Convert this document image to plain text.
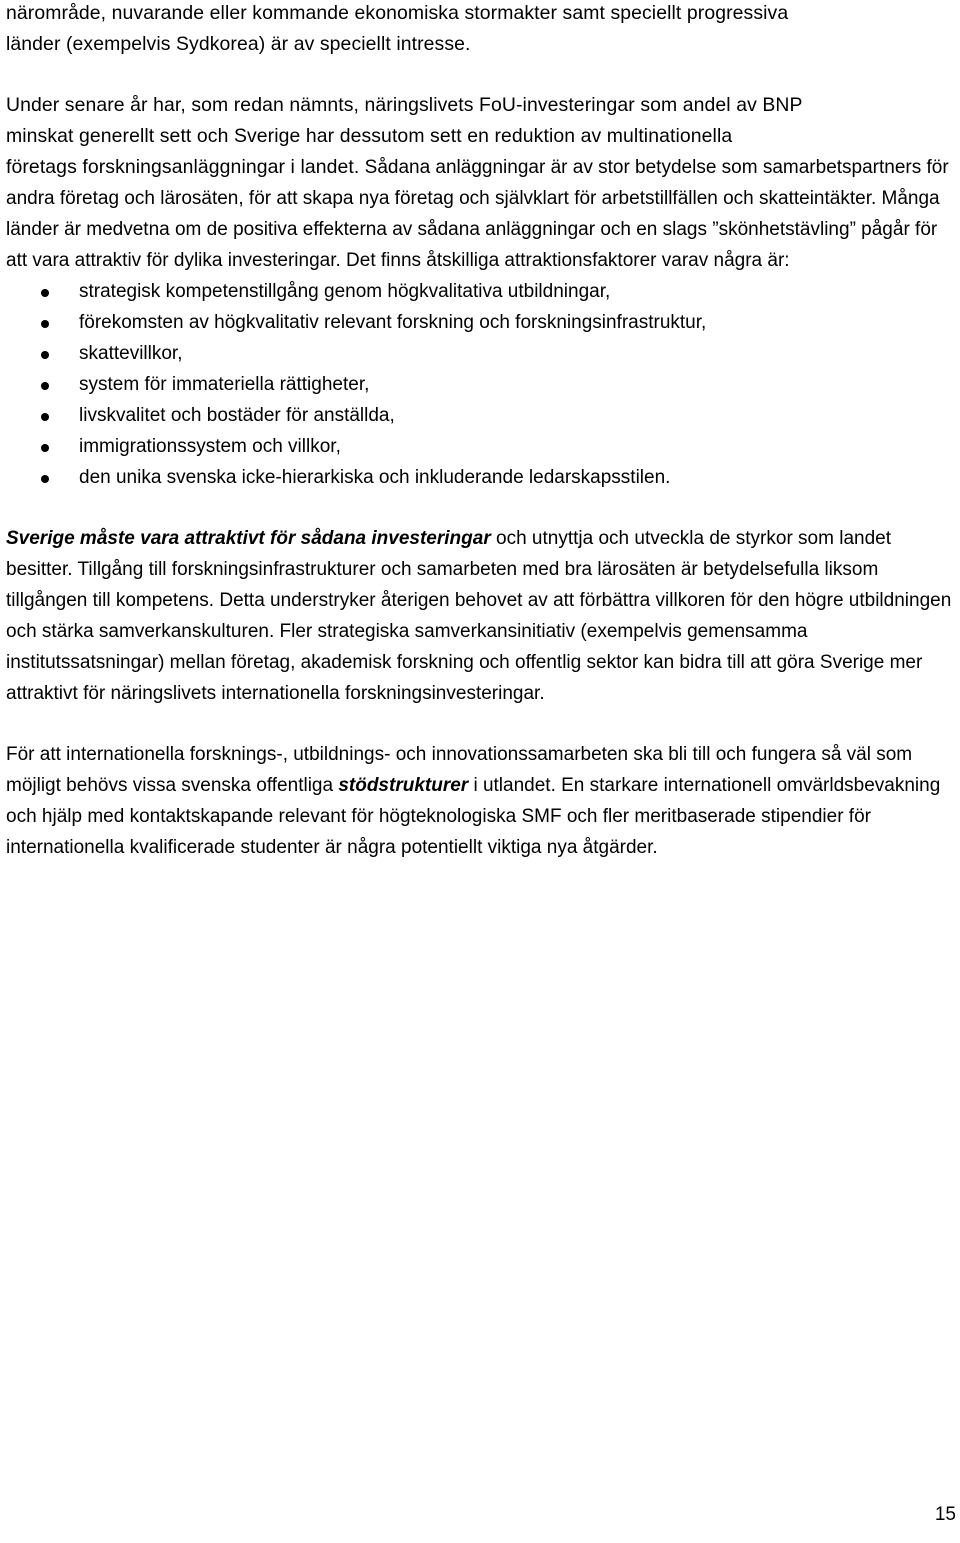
närområde, nuvarande eller kommande ekonomiska stormakter samt speciellt progressiva
länder (exempelvis Sydkorea) är av speciellt intresse.

Under senare år har, som redan nämnts, näringslivets FoU-investeringar som andel av BNP
minskat generellt sett och Sverige har dessutom sett en reduktion av multinationella
företags forskningsanläggningar i landet. Sådana anläggningar är av stor betydelse som samarbetspartners för andra företag och lärosäten, för att skapa nya företag och självklart för arbetstillfällen och skatteintäkter. Många länder är medvetna om de positiva effekterna av sådana anläggningar och en slags ”skönhetstävling” pågår för att vara attraktiv för dylika investeringar. Det finns åtskilliga attraktionsfaktorer varav några är:

strategisk kompetenstillgång genom högkvalitativa utbildningar,
förekomsten av högkvalitativ relevant forskning och forskningsinfrastruktur,
skattevillkor,
system för immateriella rättigheter,
livskvalitet och bostäder för anställda,
immigrationssystem och villkor,
den unika svenska icke-hierarkiska och inkluderande ledarskapsstilen.

Sverige måste vara attraktivt för sådana investeringar och utnyttja och utveckla de styrkor som landet besitter. Tillgång till forskningsinfrastrukturer och samarbeten med bra lärosäten är betydelsefulla liksom tillgången till kompetens. Detta understryker återigen behovet av att förbättra villkoren för den högre utbildningen och stärka samverkanskulturen. Fler strategiska samverkansinitiativ (exempelvis gemensamma institutssatsningar) mellan företag, akademisk forskning och offentlig sektor kan bidra till att göra Sverige mer attraktivt för näringslivets internationella forskningsinvesteringar.

För att internationella forsknings-, utbildnings- och innovationssamarbeten ska bli till och fungera så väl som möjligt behövs vissa svenska offentliga stödstrukturer i utlandet. En starkare internationell omvärldsbevakning och hjälp med kontaktskapande relevant för högteknologiska SMF och fler meritbaserade stipendier för internationella kvalificerade studenter är några potentiellt viktiga nya åtgärder.

15
